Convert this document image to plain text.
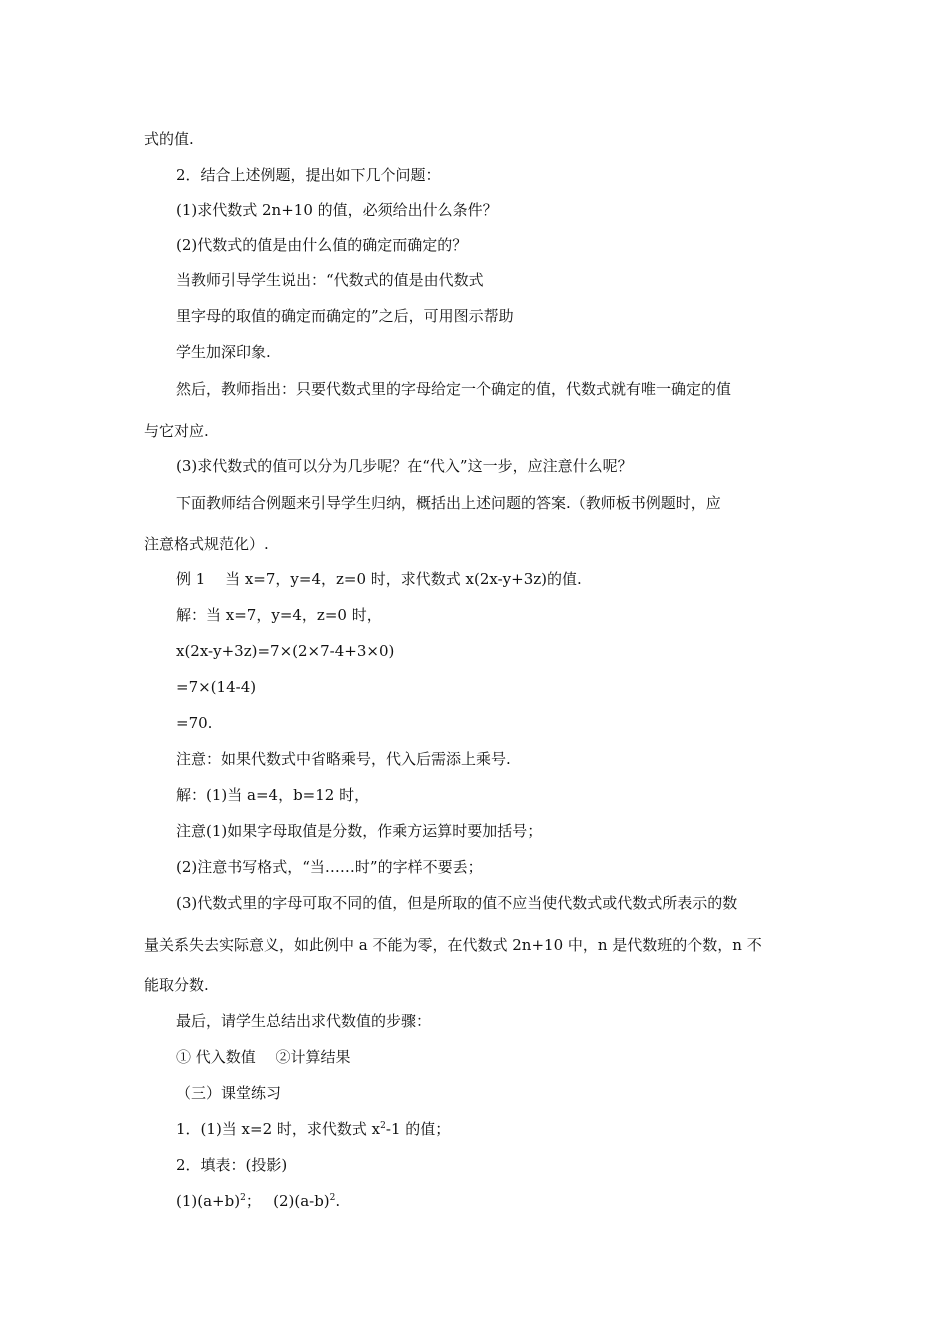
式的值.
2．结合上述例题，提出如下几个问题：
(1)求代数式 2n+10 的值，必须给出什么条件？
(2)代数式的值是由什么值的确定而确定的？
当教师引导学生说出：“代数式的值是由代数式
里字母的取值的确定而确定的”之后，可用图示帮助
学生加深印象.
然后，教师指出：只要代数式里的字母给定一个确定的值，代数式就有唯一确定的值
与它对应.
(3)求代数式的值可以分为几步呢？在“代入”这一步，应注意什么呢？
下面教师结合例题来引导学生归纳，概括出上述问题的答案.（教师板书例题时，应
注意格式规范化）.
例 1　 当 x=7，y=4，z=0 时，求代数式 x(2x-y+3z)的值.
解：当 x=7，y=4，z=0 时，
x(2x-y+3z)=7×(2×7-4+3×0)
=7×(14-4)
=70.
注意：如果代数式中省略乘号，代入后需添上乘号.
解：(1)当 a=4，b=12 时，
注意(1)如果字母取值是分数，作乘方运算时要加括号；
(2)注意书写格式，“当……时”的字样不要丢；
(3)代数式里的字母可取不同的值，但是所取的值不应当使代数式或代数式所表示的数
量关系失去实际意义，如此例中 a 不能为零，在代数式 2n+10 中，n 是代数班的个数，n 不
能取分数.
最后，请学生总结出求代数值的步骤：
① 代入数值　 ②计算结果
（三）课堂练习
1．(1)当 x=2 时，求代数式 $x^2-1$ 的值；
2．填表：(投影)
$(1)(a+b)^2$；　 $(2)(a-b)^2$.
